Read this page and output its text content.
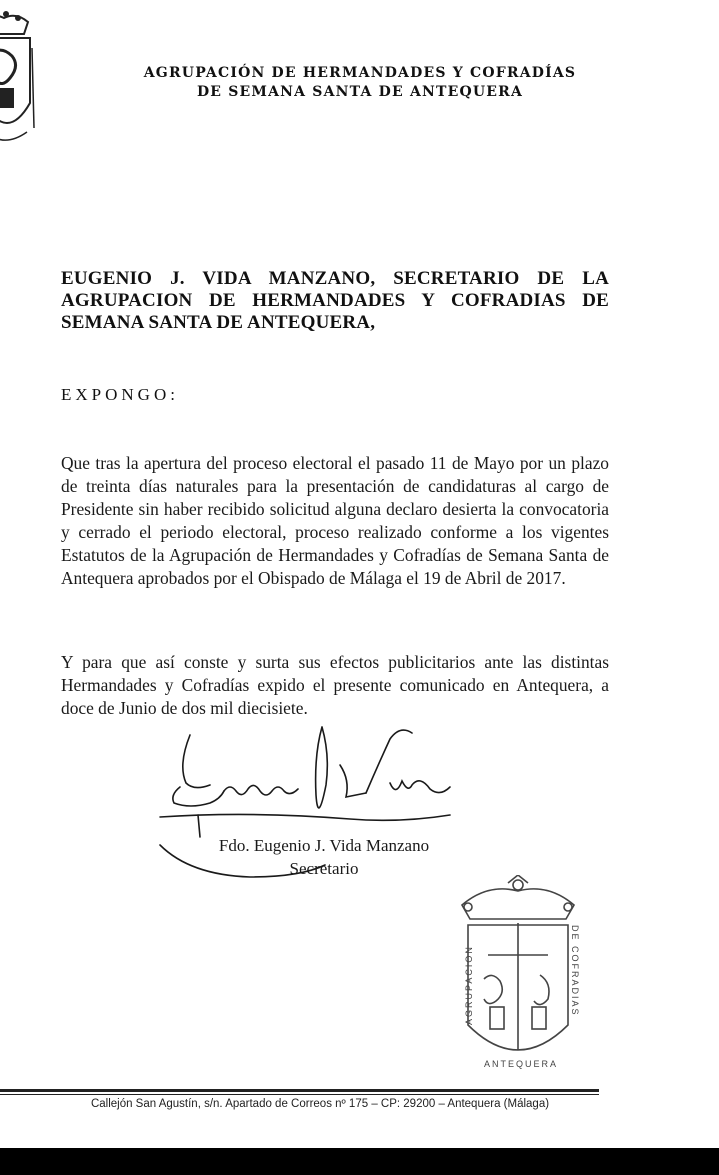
AGRUPACIÓN DE HERMANDADES Y COFRADÍAS
DE SEMANA SANTA DE ANTEQUERA
EUGENIO J. VIDA MANZANO, SECRETARIO DE LA AGRUPACION DE HERMANDADES Y COFRADIAS DE SEMANA SANTA DE ANTEQUERA,
EXPONGO:
Que tras la apertura del proceso electoral el pasado 11 de Mayo por un plazo de treinta días naturales para la presentación de candidaturas al cargo de Presidente sin haber recibido solicitud alguna declaro desierta la convocatoria y cerrado el periodo electoral, proceso realizado conforme a los vigentes Estatutos de la Agrupación de Hermandades y Cofradías de Semana Santa de Antequera aprobados por el Obispado de Málaga el 19 de Abril de 2017.
Y para que así conste y surta sus efectos publicitarios ante las distintas Hermandades y Cofradías expido el presente comunicado en Antequera, a doce de Junio de dos mil diecisiete.
Fdo. Eugenio J. Vida Manzano
Secretario
AGRUPACION	DE COFRADIAS
ANTEQUERA
Callejón San Agustín, s/n. Apartado de Correos nº 175 – CP: 29200 – Antequera (Málaga)
